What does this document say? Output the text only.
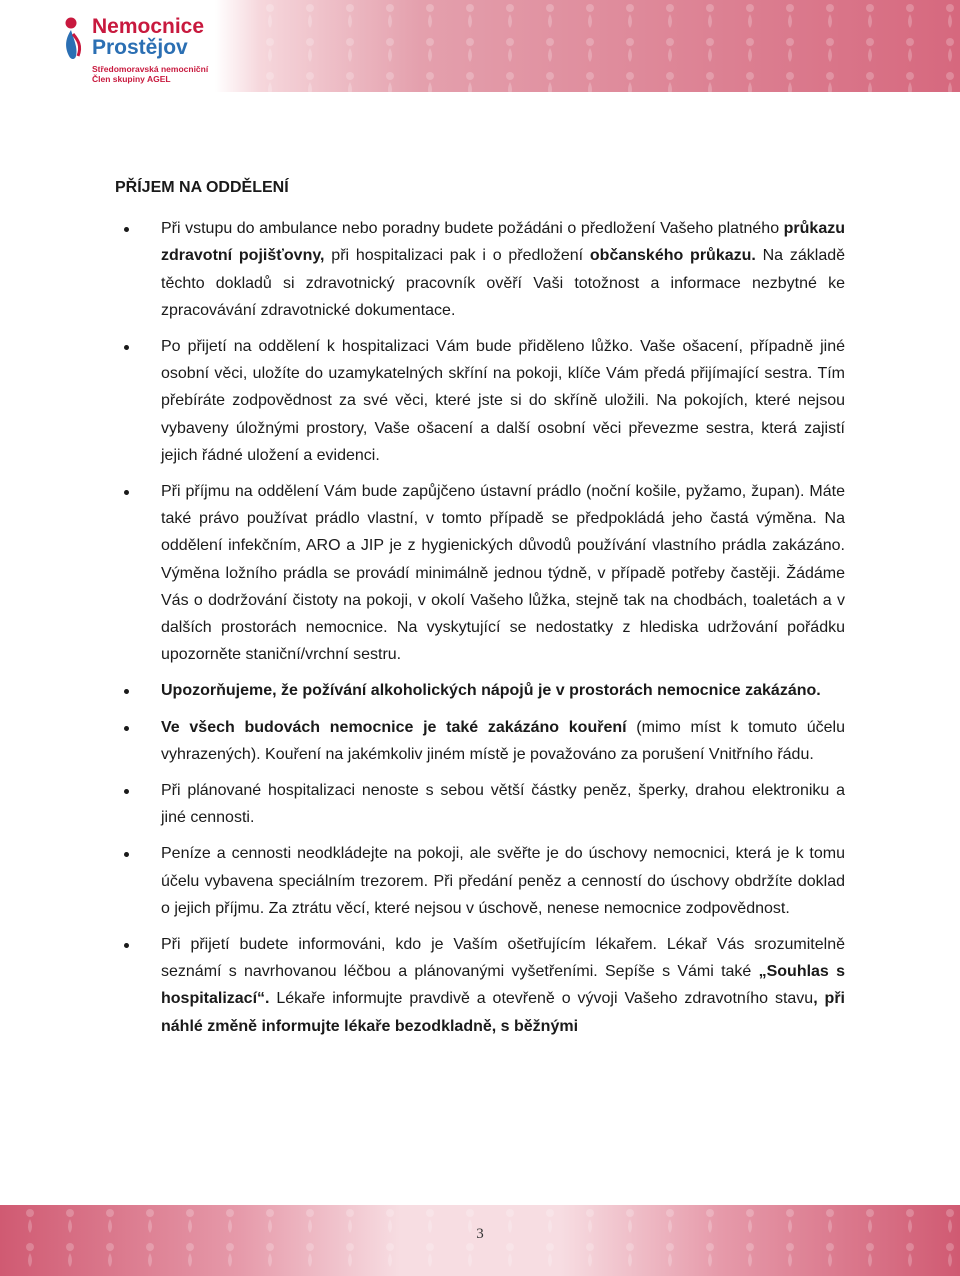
Nemocnice
Prostějov
Středomoravská nemocniční
Člen skupiny AGEL
PŘÍJEM NA ODDĚLENÍ
Při vstupu do ambulance nebo poradny budete požádáni o předložení Vašeho platného průkazu zdravotní pojišťovny, při hospitalizaci pak i o předložení občanského průkazu. Na základě těchto dokladů si zdravotnický pracovník ověří Vaši totožnost a informace nezbytné ke zpracovávání zdravotnické dokumentace.
Po přijetí na oddělení k hospitalizaci Vám bude přiděleno lůžko. Vaše ošacení, případně jiné osobní věci, uložíte do uzamykatelných skříní na pokoji, klíče Vám předá přijímající sestra. Tím přebíráte zodpovědnost za své věci, které jste si do skříně uložili. Na pokojích, které nejsou vybaveny úložnými prostory, Vaše ošacení a další osobní věci převezme sestra, která zajistí jejich řádné uložení a evidenci.
Při příjmu na oddělení Vám bude zapůjčeno ústavní prádlo (noční košile, pyžamo, župan). Máte také právo používat prádlo vlastní, v tomto případě se předpokládá jeho častá výměna. Na oddělení infekčním, ARO a JIP je z hygienických důvodů používání vlastního prádla zakázáno. Výměna ložního prádla se provádí minimálně jednou týdně, v případě potřeby častěji. Žádáme Vás o dodržování čistoty na pokoji, v okolí Vašeho lůžka, stejně tak na chodbách, toaletách a v dalších prostorách nemocnice. Na vyskytující se nedostatky z hlediska udržování pořádku upozorněte staniční/vrchní sestru.
Upozorňujeme, že požívání alkoholických nápojů je v prostorách nemocnice zakázáno.
Ve všech budovách nemocnice je také zakázáno kouření (mimo míst k tomuto účelu vyhrazených). Kouření na jakémkoliv jiném místě je považováno za porušení Vnitřního řádu.
Při plánované hospitalizaci nenoste s sebou větší částky peněz, šperky, drahou elektroniku a jiné cennosti.
Peníze a cennosti neodkládejte na pokoji, ale svěřte je do úschovy nemocnici, která je k tomu účelu vybavena speciálním trezorem. Při předání peněz a cenností do úschovy obdržíte doklad o jejich příjmu. Za ztrátu věcí, které nejsou v úschově, nenese nemocnice zodpovědnost.
Při přijetí budete informováni, kdo je Vaším ošetřujícím lékařem. Lékař Vás srozumitelně seznámí s navrhovanou léčbou a plánovanými vyšetřeními. Sepíše s Vámi také „Souhlas s hospitalizací“. Lékaře informujte pravdivě a otevřeně o vývoji Vašeho zdravotního stavu, při náhlé změně informujte lékaře bezodkladně, s běžnými
3
